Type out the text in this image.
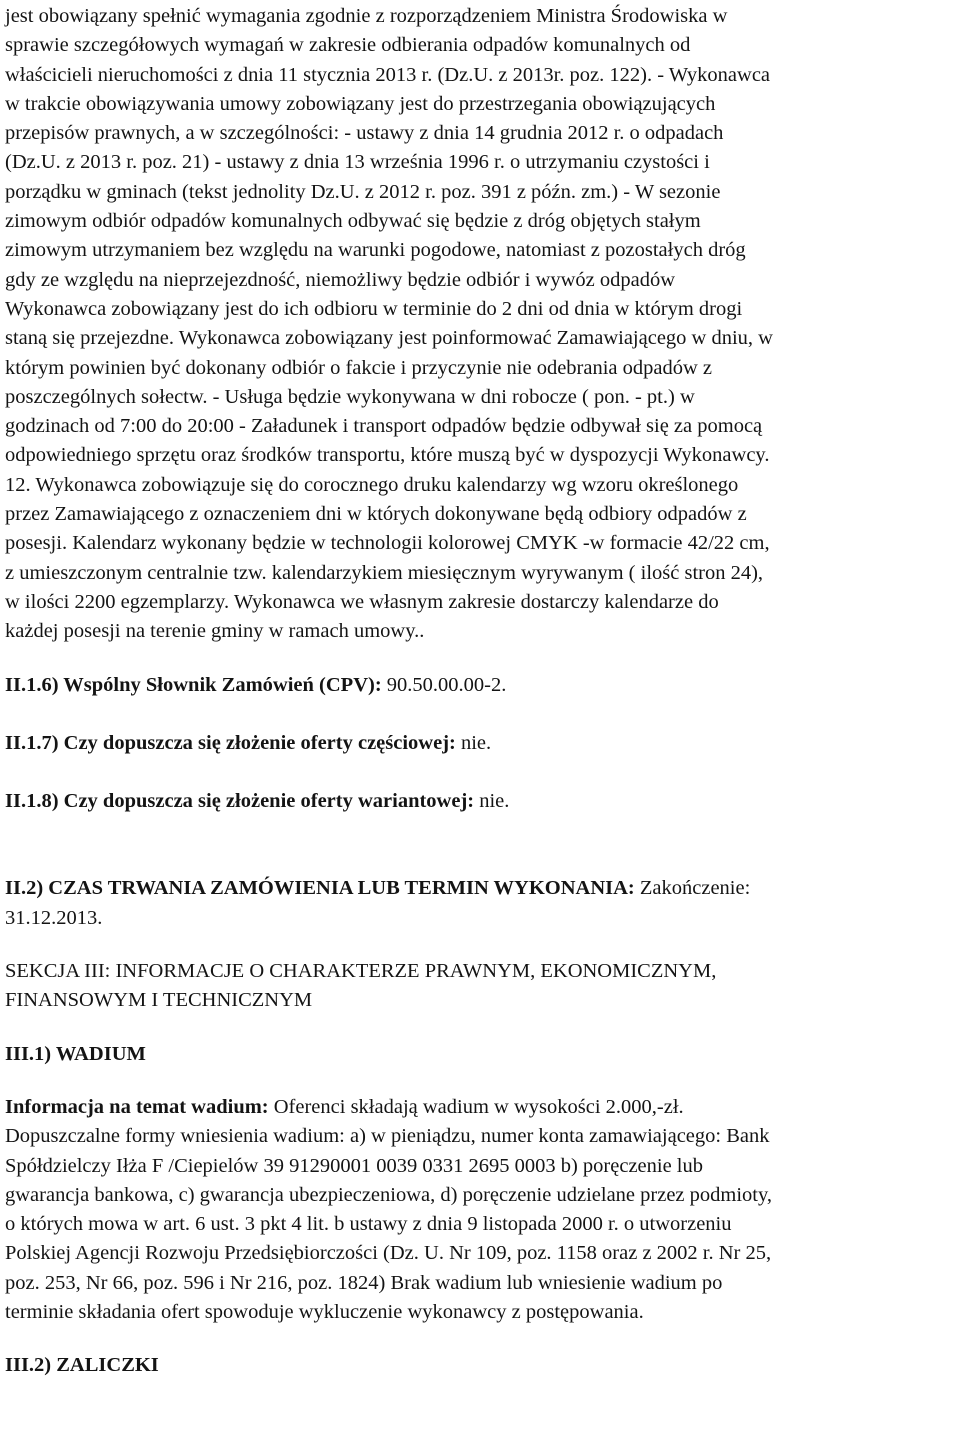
jest obowiązany spełnić wymagania zgodnie z rozporządzeniem Ministra Środowiska w
sprawie szczegółowych wymagań w zakresie odbierania odpadów komunalnych od
właścicieli nieruchomości z dnia 11 stycznia 2013 r. (Dz.U. z 2013r. poz. 122). - Wykonawca
w trakcie obowiązywania umowy zobowiązany jest do przestrzegania obowiązujących
przepisów prawnych, a w szczególności: - ustawy z dnia 14 grudnia 2012 r. o odpadach
(Dz.U. z 2013 r. poz. 21) - ustawy z dnia 13 września 1996 r. o utrzymaniu czystości i
porządku w gminach (tekst jednolity Dz.U. z 2012 r. poz. 391 z późn. zm.) - W sezonie
zimowym odbiór odpadów komunalnych odbywać się będzie z dróg objętych stałym
zimowym utrzymaniem bez względu na warunki pogodowe, natomiast z pozostałych dróg
gdy ze względu na nieprzejezdność, niemożliwy będzie odbiór i wywóz odpadów
Wykonawca zobowiązany jest do ich odbioru w terminie do 2 dni od dnia w którym drogi
staną się przejezdne. Wykonawca zobowiązany jest poinformować Zamawiającego w dniu, w
którym powinien być dokonany odbiór o fakcie i przyczynie nie odebrania odpadów z
poszczególnych sołectw. - Usługa będzie wykonywana w dni robocze ( pon. - pt.) w
godzinach od 7:00 do 20:00 - Załadunek i transport odpadów będzie odbywał się za pomocą
odpowiedniego sprzętu oraz środków transportu, które muszą być w dyspozycji Wykonawcy.
12. Wykonawca zobowiązuje się do corocznego druku kalendarzy wg wzoru określonego
przez Zamawiającego z oznaczeniem dni w których dokonywane będą odbiory odpadów z
posesji. Kalendarz wykonany będzie w technologii kolorowej CMYK -w formacie 42/22 cm,
z umieszczonym centralnie tzw. kalendarzykiem miesięcznym wyrywanym ( ilość stron 24),
w ilości 2200 egzemplarzy. Wykonawca we własnym zakresie dostarczy kalendarze do
każdej posesji na terenie gminy w ramach umowy..

II.1.6) Wspólny Słownik Zamówień (CPV): 90.50.00.00-2.

II.1.7) Czy dopuszcza się złożenie oferty częściowej: nie.

II.1.8) Czy dopuszcza się złożenie oferty wariantowej: nie.

II.2) CZAS TRWANIA ZAMÓWIENIA LUB TERMIN WYKONANIA: Zakończenie:
31.12.2013.

SEKCJA III: INFORMACJE O CHARAKTERZE PRAWNYM, EKONOMICZNYM,
FINANSOWYM I TECHNICZNYM

III.1) WADIUM

Informacja na temat wadium: Oferenci składają wadium w wysokości 2.000,-zł.
Dopuszczalne formy wniesienia wadium: a) w pieniądzu, numer konta zamawiającego: Bank
Spółdzielczy Iłża F /Ciepielów 39 91290001 0039 0331 2695 0003 b) poręczenie lub
gwarancja bankowa, c) gwarancja ubezpieczeniowa, d) poręczenie udzielane przez podmioty,
o których mowa w art. 6 ust. 3 pkt 4 lit. b ustawy z dnia 9 listopada 2000 r. o utworzeniu
Polskiej Agencji Rozwoju Przedsiębiorczości (Dz. U. Nr 109, poz. 1158 oraz z 2002 r. Nr 25,
poz. 253, Nr 66, poz. 596 i Nr 216, poz. 1824) Brak wadium lub wniesienie wadium po
terminie składania ofert spowoduje wykluczenie wykonawcy z postępowania.

III.2) ZALICZKI
